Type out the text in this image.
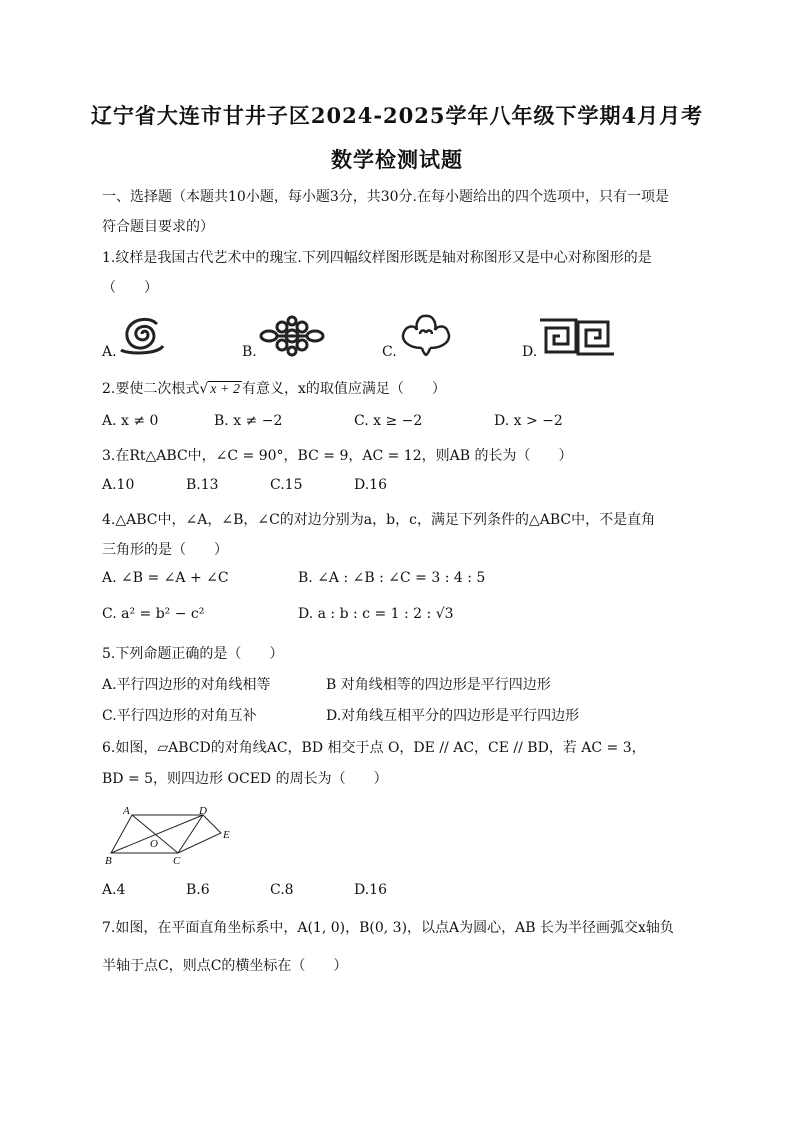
辽宁省大连市甘井子区2024-2025学年八年级下学期4月月考
数学检测试题
一、选择题（本题共10小题，每小题3分，共30分.在每小题给出的四个选项中，只有一项是
符合题目要求的）
1.纹样是我国古代艺术中的瑰宝.下列四幅纹样图形既是轴对称图形又是中心对称图形的是
（　　）
A.	B.	C.	D.
2.要使二次根式√ x + 2 有意义，x的取值应满足（　　）
A. x ≠ 0	B. x ≠ −2	C. x ≥ −2	D. x > −2
3.在Rt△ABC中，∠C = 90°，BC = 9，AC = 12，则AB 的长为（　　）
A.10	B.13	C.15	D.16
4.△ABC中，∠A，∠B，∠C的对边分别为a，b，c，满足下列条件的△ABC中，不是直角
三角形的是（　　）
A. ∠B = ∠A + ∠C	B. ∠A : ∠B : ∠C = 3 : 4 : 5
C. a² = b² − c²	D. a : b : c = 1 : 2 : √3
5.下列命题正确的是（　　）
A.平行四边形的对角线相等	B 对角线相等的四边形是平行四边形
C.平行四边形的对角互补	D.对角线互相平分的四边形是平行四边形
6.如图，▱ABCD的对角线AC，BD 相交于点 O，DE // AC，CE // BD，若 AC = 3，
BD = 5，则四边形 OCED 的周长为（　　）
A	D
E
O
B	C
A.4	B.6	C.8	D.16
7.如图，在平面直角坐标系中，A(1, 0)，B(0, 3)，以点A为圆心，AB 长为半径画弧交x轴负
半轴于点C，则点C的横坐标在（　　）
